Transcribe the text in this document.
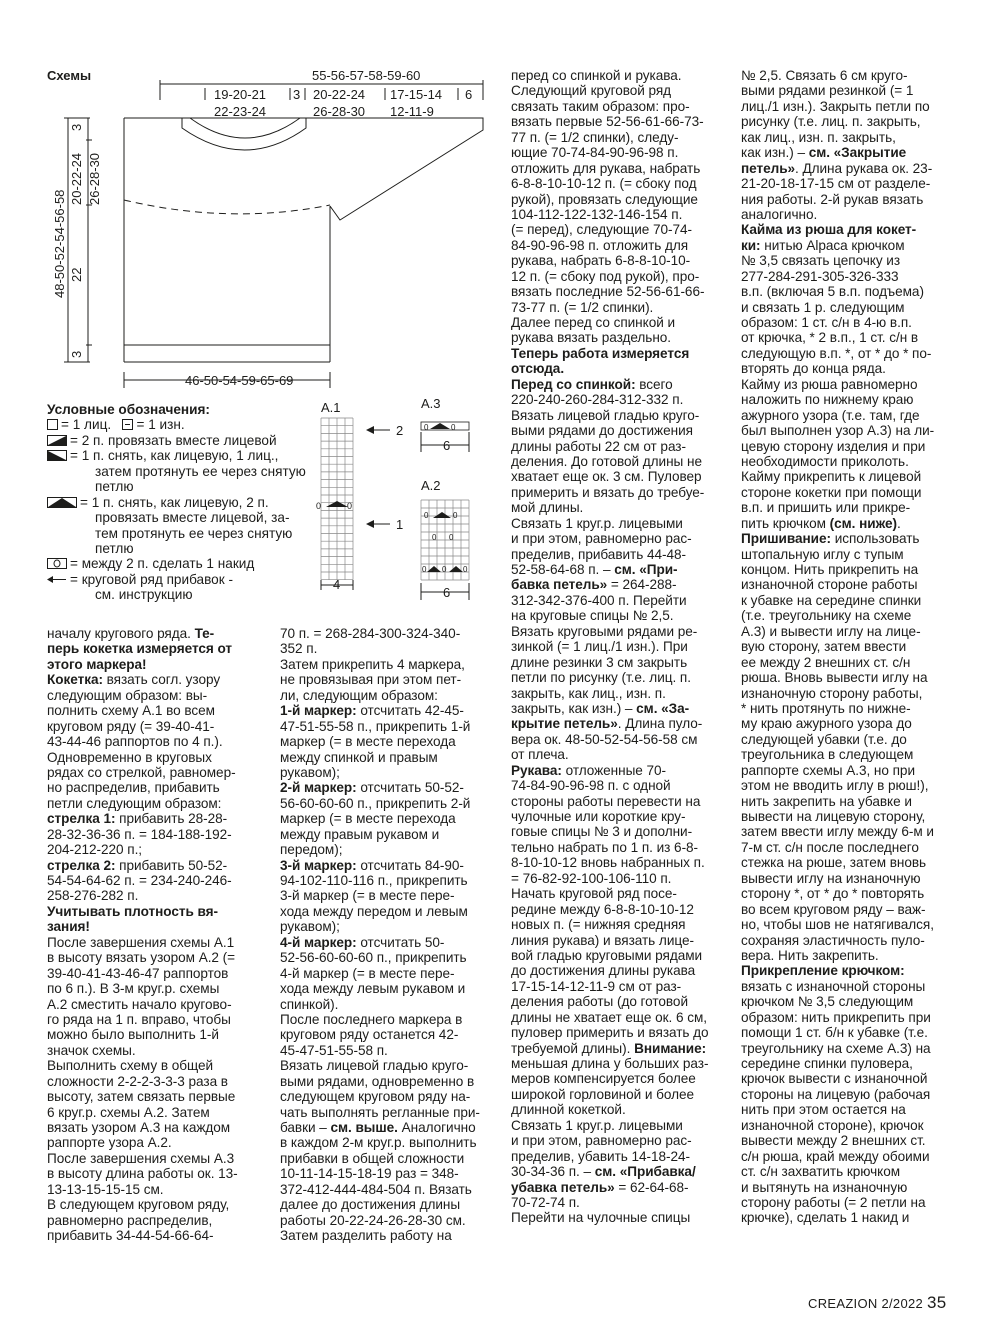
Схемы	55-56-57-58-59-60
19-20-21
22-23-24
3 20-22-24
26-28-30
17-15-14
12-11-9
6
3
20-22-24 26-28-30
48-50-52-54-56-58 22
3
46-50-54-59-65-69
A.1
4
0	0
2
1
A.3
0	0
6
A.2
0	0
0 0
0 0 0
6
Условные обозначения:
= 1 лиц. = 1 изн.
= 2 п. провязать вместе лицевой
= 1 п. снять, как лицевую, 1 лиц.,
затем протянуть ее через снятую
петлю
= 1 п. снять, как лицевую, 2 п.
провязать вместе лицевой, за-
тем протянуть ее через снятую
петлю
= между 2 п. сделать 1 накид
= круговой ряд прибавок -
см. инструкцию
началу кругового ряда. Те-
перь кокетка измеряется от
этого маркера!
Кокетка: вязать согл. узору
следующим образом: вы-
полнить схему А.1 во всем
круговом ряду (= 39-40-41-
43-44-46 раппортов по 4 п.).
Одновременно в круговых
рядах со стрелкой, равномер-
но распределив, прибавить
петли следующим образом:
стрелка 1: прибавить 28-28-
28-32-36-36 п. = 184-188-192-
204-212-220 п.;
стрелка 2: прибавить 50-52-
54-54-64-62 п. = 234-240-246-
258-276-282 п.
Учитывать плотность вя-
зания!
После завершения схемы А.1
в высоту вязать узором А.2 (=
39-40-41-43-46-47 раппортов
по 6 п.). В 3-м круг.р. схемы
А.2 сместить начало кругово-
го ряда на 1 п. вправо, чтобы
можно было выполнить 1-й
значок схемы.
Выполнить схему в общей
сложности 2-2-2-3-3-3 раза в
высоту, затем связать первые
6 круг.р. схемы А.2. Затем
вязать узором А.3 на каждом
раппорте узора А.2.
После завершения схемы А.3
в высоту длина работы ок. 13-
13-13-15-15-15 см.
В следующем круговом ряду,
равномерно распределив,
прибавить 34-44-54-66-64-
70 п. = 268-284-300-324-340-
352 п.
Затем прикрепить 4 маркера,
не провязывая при этом пет-
ли, следующим образом:
1-й маркер: отсчитать 42-45-
47-51-55-58 п., прикрепить 1-й
маркер (= в месте перехода
между спинкой и правым
рукавом);
2-й маркер: отсчитать 50-52-
56-60-60-60 п., прикрепить 2-й
маркер (= в месте перехода
между правым рукавом и
передом);
3-й маркер: отсчитать 84-90-
94-102-110-116 п., прикрепить
3-й маркер (= в месте пере-
хода между передом и левым
рукавом);
4-й маркер: отсчитать 50-
52-56-60-60-60 п., прикрепить
4-й маркер (= в месте пере-
хода между левым рукавом и
спинкой).
После последнего маркера в
круговом ряду останется 42-
45-47-51-55-58 п.
Вязать лицевой гладью круго-
выми рядами, одновременно в
следующем круговом ряду на-
чать выполнять регланные при-
бавки – см. выше. Аналогично
в каждом 2-м круг.р. выполнить
прибавки в общей сложности
10-11-14-15-18-19 раз = 348-
372-412-444-484-504 п. Вязать
далее до достижения длины
работы 20-22-24-26-28-30 см.
Затем разделить работу на
перед со спинкой и рукава.
Следующий круговой ряд
связать таким образом: про-
вязать первые 52-56-61-66-73-
77 п. (= 1/2 спинки), следу-
ющие 70-74-84-90-96-98 п.
отложить для рукава, набрать
6-8-8-10-10-12 п. (= сбоку под
рукой), провязать следующие
104-112-122-132-146-154 п.
(= перед), следующие 70-74-
84-90-96-98 п. отложить для
рукава, набрать 6-8-8-10-10-
12 п. (= сбоку под рукой), про-
вязать последние 52-56-61-66-
73-77 п. (= 1/2 спинки).
Далее перед со спинкой и
рукава вязать раздельно.
Теперь работа измеряется
отсюда.
Перед со спинкой: всего
220-240-260-284-312-332 п.
Вязать лицевой гладью круго-
выми рядами до достижения
длины работы 22 см от раз-
деления. До готовой длины не
хватает еще ок. 3 см. Пуловер
примерить и вязать до требуе-
мой длины.
Связать 1 круг.р. лицевыми
и при этом, равномерно рас-
пределив, прибавить 44-48-
52-58-64-68 п. – см. «При-
бавка петель» = 264-288-
312-342-376-400 п. Перейти
на круговые спицы № 2,5.
Вязать круговыми рядами ре-
зинкой (= 1 лиц./1 изн.). При
длине резинки 3 см закрыть
петли по рисунку (т.е. лиц. п.
закрыть, как лиц., изн. п.
закрыть, как изн.) – см. «За-
крытие петель». Длина пуло-
вера ок. 48-50-52-54-56-58 см
от плеча.
Рукава: отложенные 70-
74-84-90-96-98 п. с одной
стороны работы перевести на
чулочные или короткие кру-
говые спицы № 3 и дополни-
тельно набрать по 1 п. из 6-8-
8-10-10-12 вновь набранных п.
= 76-82-92-100-106-110 п.
Начать круговой ряд посе-
редине между 6-8-8-10-10-12
новых п. (= нижняя средняя
линия рукава) и вязать лице-
вой гладью круговыми рядами
до достижения длины рукава
17-15-14-12-11-9 см от раз-
деления работы (до готовой
длины не хватает еще ок. 6 см,
пуловер примерить и вязать до
требуемой длины). Внимание:
меньшая длина у больших раз-
меров компенсируется более
широкой горловиной и более
длинной кокеткой.
Связать 1 круг.р. лицевыми
и при этом, равномерно рас-
пределив, убавить 14-18-24-
30-34-36 п. – см. «Прибавка/
убавка петель» = 62-64-68-
70-72-74 п.
Перейти на чулочные спицы
№ 2,5. Связать 6 см круго-
выми рядами резинкой (= 1
лиц./1 изн.). Закрыть петли по
рисунку (т.е. лиц. п. закрыть,
как лиц., изн. п. закрыть,
как изн.) – см. «Закрытие
петель». Длина рукава ок. 23-
21-20-18-17-15 см от разделе-
ния работы. 2-й рукав вязать
аналогично.
Кайма из рюша для кокет-
ки: нитью Alpaca крючком
№ 3,5 связать цепочку из
277-284-291-305-326-333
в.п. (включая 5 в.п. подъема)
и связать 1 р. следующим
образом: 1 ст. с/н в 4-ю в.п.
от крючка, * 2 в.п., 1 ст. с/н в
следующую в.п. *, от * до * по-
вторять до конца ряда.
Кайму из рюша равномерно
наложить по нижнему краю
ажурного узора (т.е. там, где
был выполнен узор А.3) на ли-
цевую сторону изделия и при
необходимости приколоть.
Кайму прикрепить к лицевой
стороне кокетки при помощи
в.п. и пришить или прикре-
пить крючком (см. ниже).
Пришивание: использовать
штопальную иглу с тупым
концом. Нить прикрепить на
изнаночной стороне работы
к убавке на середине спинки
(т.е. треугольнику на схеме
А.3) и вывести иглу на лице-
вую сторону, затем ввести
ее между 2 внешних ст. с/н
рюша. Вновь вывести иглу на
изнаночную сторону работы,
* нить протянуть по нижне-
му краю ажурного узора до
следующей убавки (т.е. до
треугольника в следующем
раппорте схемы А.3, но при
этом не вводить иглу в рюш!),
нить закрепить на убавке и
вывести на лицевую сторону,
затем ввести иглу между 6-м и
7-м ст. с/н после последнего
стежка на рюше, затем вновь
вывести иглу на изнаночную
сторону *, от * до * повторять
во всем круговом ряду – важ-
но, чтобы шов не натягивался,
сохраняя эластичность пуло-
вера. Нить закрепить.
Прикрепление крючком:
вязать с изнаночной стороны
крючком № 3,5 следующим
образом: нить прикрепить при
помощи 1 ст. б/н к убавке (т.е.
треугольнику на схеме А.3) на
середине спинки пуловера,
крючок вывести с изнаночной
стороны на лицевую (рабочая
нить при этом остается на
изнаночной стороне), крючок
вывести между 2 внешних ст.
с/н рюша, край между обоими
ст. с/н захватить крючком
и вытянуть на изнаночную
сторону работы (= 2 петли на
крючке), сделать 1 накид и
CREAZION 2/2022 35
